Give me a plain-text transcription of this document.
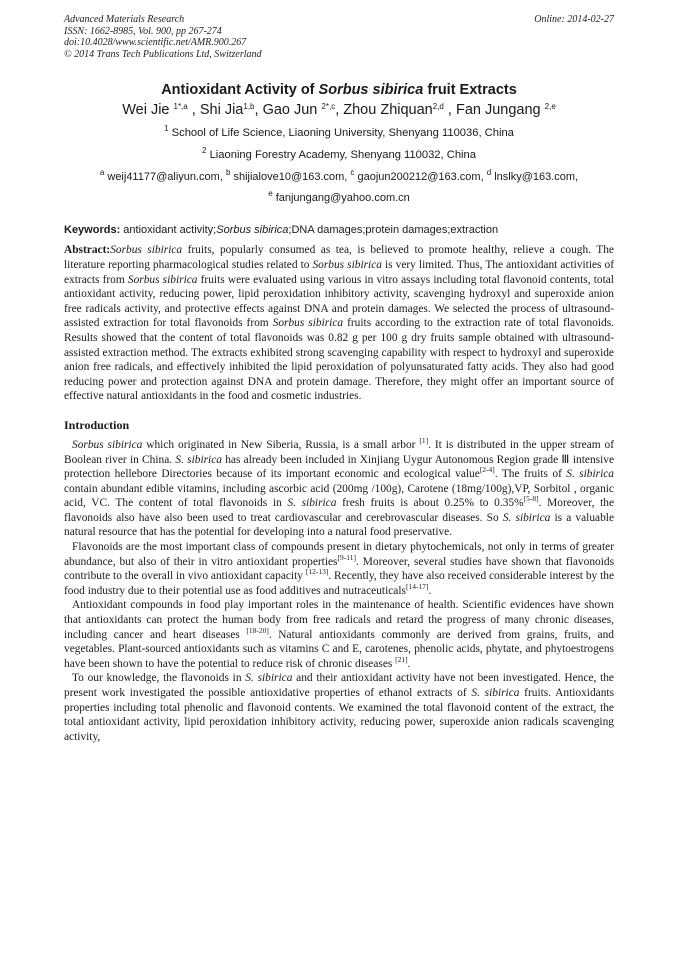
Advanced Materials Research
ISSN: 1662-8985, Vol. 900, pp 267-274
doi:10.4028/www.scientific.net/AMR.900.267
© 2014 Trans Tech Publications Ltd, Switzerland
Online: 2014-02-27
Antioxidant Activity of Sorbus sibirica fruit Extracts
Wei Jie $^{1*,a}$ , Shi Jia$^{1,b}$, Gao Jun $^{2*,c}$, Zhou Zhiquan$^{2,d}$ , Fan Jungang $^{2,e}$
$^1$ School of Life Science, Liaoning University, Shenyang 110036, China
$^2$ Liaoning Forestry Academy, Shenyang 110032, China
$^a$ weij41177@aliyun.com, $^b$ shijialove10@163.com, $^c$ gaojun200212@163.com, $^d$ lnslky@163.com,
$^e$ fanjungang@yahoo.com.cn
Keywords: antioxidant activity;Sorbus sibirica;DNA damages;protein damages;extraction
Abstract:Sorbus sibirica fruits, popularly consumed as tea, is believed to promote healthy, relieve a cough. The literature reporting pharmacological studies related to Sorbus sibirica is very limited. Thus, The antioxidant activities of extracts from Sorbus sibirica fruits were evaluated using various in vitro assays including total flavonoid contents, total antioxidant activity, reducing power, lipid peroxidation inhibitory activity, scavenging hydroxyl and superoxide anion free radicals activity, and protective effects against DNA and protein damages. We selected the process of ultrasound-assisted extraction for total flavonoids from Sorbus sibirica fruits according to the extraction rate of total flavonoids. Results showed that the content of total flavonoids was 0.82 g per 100 g dry fruits sample obtained with ultrasound-assisted extraction method. The extracts exhibited strong scavenging capability with respect to hydroxyl and superoxide anion free radicals, and effectively inhibited the lipid peroxidation of polyunsaturated fatty acids. They also had good reducing power and protection against DNA and protein damage. Therefore, they might offer an important source of effective natural antioxidants in the food and cosmetic industries.
Introduction

Sorbus sibirica which originated in New Siberia, Russia, is a small arbor [1]. It is distributed in the upper stream of Boolean river in China. S. sibirica has already been included in Xinjiang Uygur Autonomous Region grade Ⅲ intensive protection hellebore Directories because of its important economic and ecological value[2-4]. The fruits of S. sibirica contain abundant edible vitamins, including ascorbic acid (200mg /100g), Carotene (18mg/100g),VP, Sorbitol , organic acid, VC. The content of total flavonoids in S. sibirica fresh fruits is about 0.25% to 0.35%[5-8]. Moreover, the flavonoids also have also been used to treat cardiovascular and cerebrovascular diseases. So S. sibirica is a valuable natural resource that has the potential for developing into a natural food preservative.

Flavonoids are the most important class of compounds present in dietary phytochemicals, not only in terms of greater abundance, but also of their in vitro antioxidant properties[9-11]. Moreover, several studies have shown that flavonoids contribute to the overall in vivo antioxidant capacity [12-13]. Recently, they have also received considerable interest by the food industry due to their potential use as food additives and nutraceuticals[14-17].

Antioxidant compounds in food play important roles in the maintenance of health. Scientific evidences have shown that antioxidants can protect the human body from free radicals and retard the progress of many chronic diseases, including cancer and heart diseases [18-20]. Natural antioxidants commonly are derived from grains, fruits, and vegetables. Plant-sourced antioxidants such as vitamins C and E, carotenes, phenolic acids, phytate, and phytoestrogens have been shown to have the potential to reduce risk of chronic diseases [21].

To our knowledge, the flavonoids in S. sibirica and their antioxidant activity have not been investigated. Hence, the present work investigated the possible antioxidative properties of ethanol extracts of S. sibirica fruits. Antioxidants properties including total phenolic and flavonoid contents. We examined the total flavonoid content of the extract, the total antioxidant activity, lipid peroxidation inhibitory activity, reducing power, superoxide anion radicals scavenging activity,
